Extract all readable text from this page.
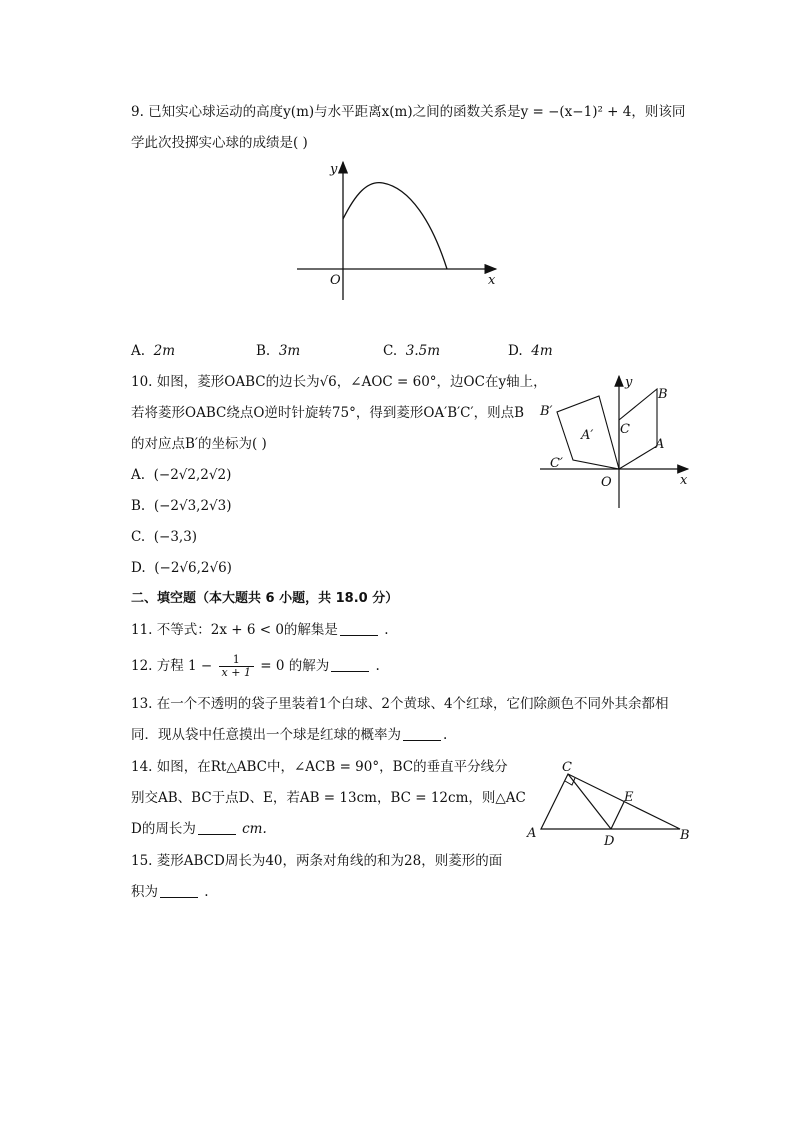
9. 已知实心球运动的高度y(m)与水平距离x(m)之间的函数关系是y = −(x−1)² + 4，则该同
学此次投掷实心球的成绩是( )
y
x
O
A. 2m	B. 3m	C. 3.5m	D. 4m
10. 如图，菱形OABC的边长为√6，∠AOC = 60°，边OC在y轴上，
若将菱形OABC绕点O逆时针旋转75°，得到菱形OA′B′C′，则点B
的对应点B′的坐标为( )
y
x
O
A
B
C
A′
B′
C′
A. (−2√2,2√2)
B. (−2√3,2√3)
C. (−3,3)
D. (−2√6,2√6)
二、填空题（本大题共 6 小题，共 18.0 分）
11. 不等式：2x + 6 < 0的解集是	.
12. 方程 $1 - \frac{1}{x + 1} = 0$ 的解为	.
13. 在一个不透明的袋子里装着1个白球、2个黄球、4个红球，它们除颜色不同外其余都相
同．现从袋中任意摸出一个球是红球的概率为	.
14. 如图，在Rt△ABC中，∠ACB = 90°，BC的垂直平分线分
别交AB、BC于点D、E，若AB = 13cm，BC = 12cm，则△AC
D的周长为	cm.	A	B
C
D
E
15. 菱形ABCD周长为40，两条对角线的和为28，则菱形的面
积为	.
